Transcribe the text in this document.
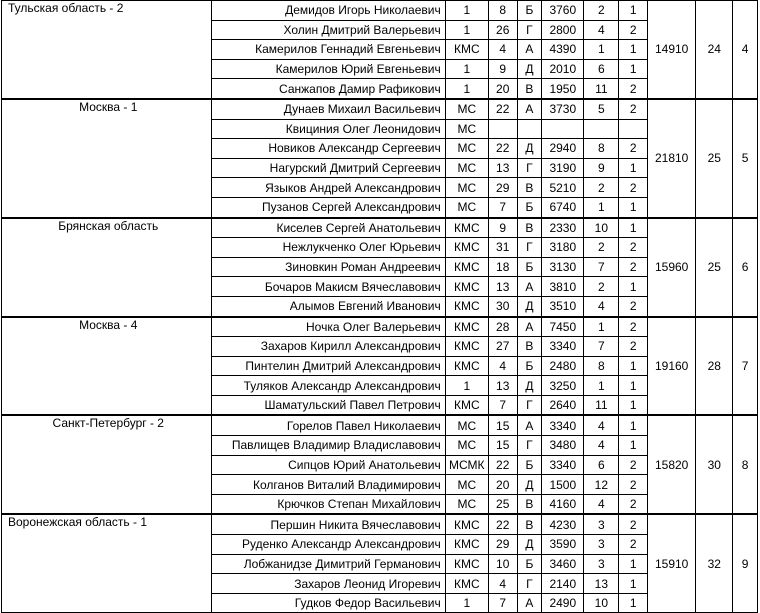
Тульская область - 2	Демидов Игорь Николаевич	1	8	Б	3760	2	1	14910	24	4
	Холин Дмитрий Валерьевич	1	26	Г	2800	4	2			
	Камерилов Геннадий Евгеньевич	КМС	4	А	4390	1	1			
	Камерилов Юрий Евгеньевич	1	9	Д	2010	6	1			
	Санжапов Дамир Рафикович	1	20	В	1950	11	2			
Москва - 1	Дунаев Михаил Васильевич	МС	22	А	3730	5	2	21810	25	5
	Квициния Олег Леонидович	МС								
	Новиков Александр Сергеевич	МС	22	Д	2940	8	2			
	Нагурский Дмитрий Сергеевич	МС	13	Г	3190	9	1			
	Языков Андрей Александрович	МС	29	В	5210	2	2			
	Пузанов Сергей Александрович	МС	7	Б	6740	1	1			
Брянская область	Киселев Сергей Анатольевич	КМС	9	В	2330	10	1	15960	25	6
	Нежлукченко Олег Юрьевич	КМС	31	Г	3180	2	2			
	Зиновкин Роман Андреевич	КМС	18	Б	3130	7	2			
	Бочаров Макисм Вячеславович	КМС	13	А	3810	2	1			
	Алымов Евгений Иванович	КМС	30	Д	3510	4	2			
Москва - 4	Ночка Олег Валерьевич	КМС	28	А	7450	1	2	19160	28	7
	Захаров Кирилл Александрович	КМС	27	В	3340	7	2			
	Пинтелин Дмитрий Александрович	КМС	4	Б	2480	8	1			
	Туляков Александр Александрович	1	13	Д	3250	1	1			
	Шаматульский Павел Петрович	КМС	7	Г	2640	11	1			
Санкт-Петербург - 2	Горелов Павел Николаевич	МС	15	А	3340	4	1	15820	30	8
	Павлищев Владимир Владиславович	МС	15	Г	3480	4	1			
	Сипцов Юрий Анатольевич	МСМК	22	Б	3340	6	2			
	Колганов Виталий Владимирович	МС	20	Д	1500	12	2			
	Крючков Степан Михайлович	МС	25	В	4160	4	2			
Воронежская область - 1	Першин Никита Вячеславович	КМС	22	В	4230	3	2	15910	32	9
	Руденко Александр Александрович	КМС	29	Д	3590	3	2			
	Лобжанидзе Димитрий Германович	КМС	10	Б	3460	3	1			
	Захаров Леонид Игоревич	КМС	4	Г	2140	13	1			
	Гудков Федор Васильевич	1	7	А	2490	10	1			
